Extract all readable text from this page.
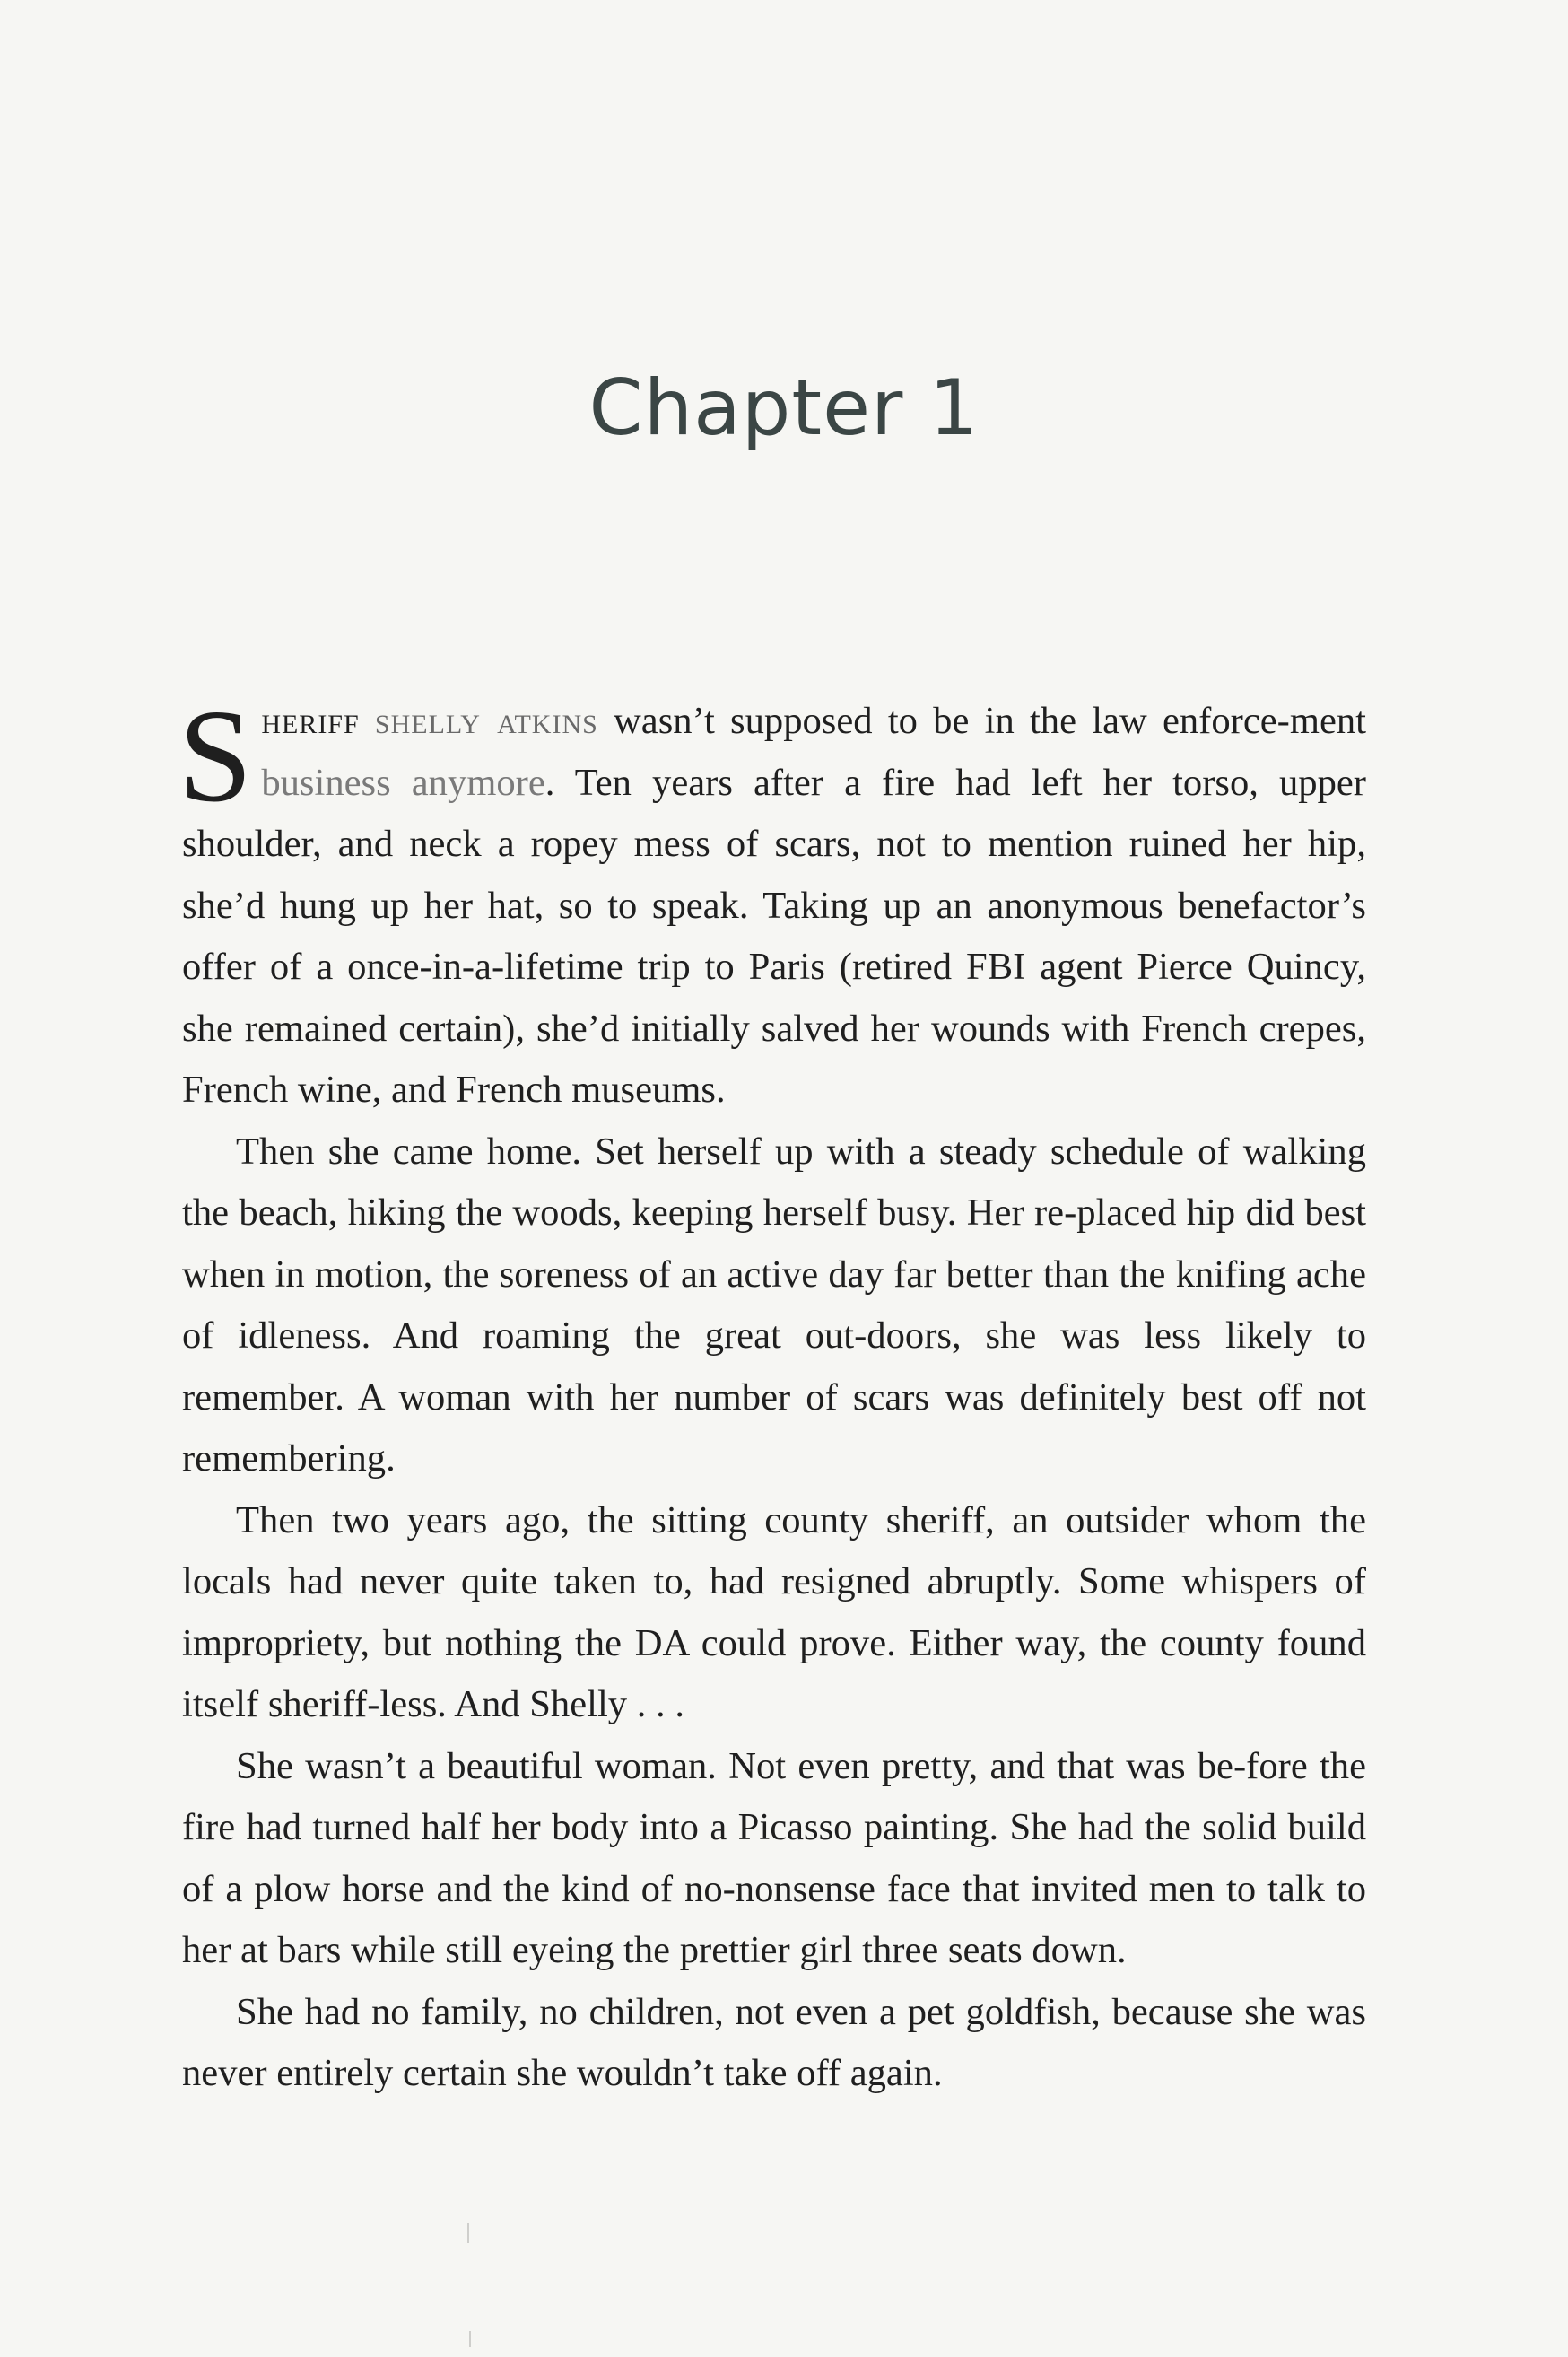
Chapter 1

Sheriff shelly atkins wasn’t supposed to be in the law enforce-ment business anymore. Ten years after a fire had left her torso, upper shoulder, and neck a ropey mess of scars, not to mention ruined her hip, she’d hung up her hat, so to speak. Taking up an anonymous benefactor’s offer of a once-in-a-lifetime trip to Paris (retired FBI agent Pierce Quincy, she remained certain), she’d initially salved her wounds with French crepes, French wine, and French museums.

Then she came home. Set herself up with a steady schedule of walking the beach, hiking the woods, keeping herself busy. Her re-placed hip did best when in motion, the soreness of an active day far better than the knifing ache of idleness. And roaming the great out-doors, she was less likely to remember. A woman with her number of scars was definitely best off not remembering.

Then two years ago, the sitting county sheriff, an outsider whom the locals had never quite taken to, had resigned abruptly. Some whispers of impropriety, but nothing the DA could prove. Either way, the county found itself sheriff-less. And Shelly . . .

She wasn’t a beautiful woman. Not even pretty, and that was be-fore the fire had turned half her body into a Picasso painting. She had the solid build of a plow horse and the kind of no-nonsense face that invited men to talk to her at bars while still eyeing the prettier girl three seats down.

She had no family, no children, not even a pet goldfish, because she was never entirely certain she wouldn’t take off again.
